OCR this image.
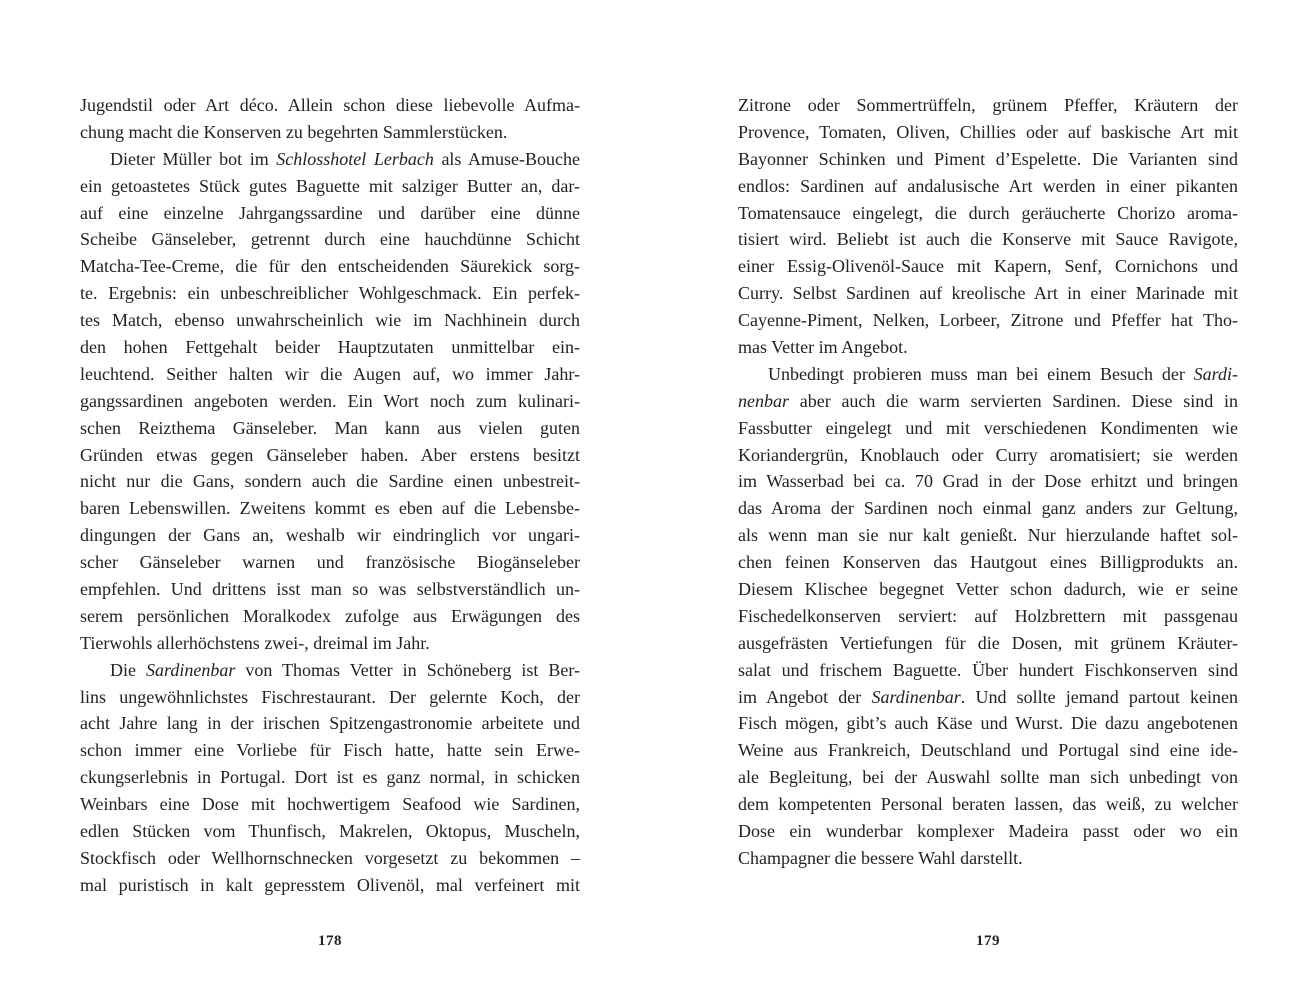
Jugendstil oder Art déco. Allein schon diese liebevolle Aufma-
chung macht die Konserven zu begehrten Sammlerstücken.
Dieter Müller bot im Schlosshotel Lerbach als Amuse-Bouche
ein getoastetes Stück gutes Baguette mit salziger Butter an, dar-
auf eine einzelne Jahrgangssardine und darüber eine dünne
Scheibe Gänseleber, getrennt durch eine hauchdünne Schicht
Matcha-Tee-Creme, die für den entscheidenden Säurekick sorg-
te. Ergebnis: ein unbeschreiblicher Wohlgeschmack. Ein perfek-
tes Match, ebenso unwahrscheinlich wie im Nachhinein durch
den hohen Fettgehalt beider Hauptzutaten unmittelbar ein-
leuchtend. Seither halten wir die Augen auf, wo immer Jahr-
gangssardinen angeboten werden. Ein Wort noch zum kulinari-
schen Reizthema Gänseleber. Man kann aus vielen guten
Gründen etwas gegen Gänseleber haben. Aber erstens besitzt
nicht nur die Gans, sondern auch die Sardine einen unbestreit-
baren Lebenswillen. Zweitens kommt es eben auf die Lebensbe-
dingungen der Gans an, weshalb wir eindringlich vor ungari-
scher Gänseleber warnen und französische Biogänseleber
empfehlen. Und drittens isst man so was selbstverständlich un-
serem persönlichen Moralkodex zufolge aus Erwägungen des
Tierwohls allerhöchstens zwei-, dreimal im Jahr.
Die Sardinenbar von Thomas Vetter in Schöneberg ist Ber-
lins ungewöhnlichstes Fischrestaurant. Der gelernte Koch, der
acht Jahre lang in der irischen Spitzengastronomie arbeitete und
schon immer eine Vorliebe für Fisch hatte, hatte sein Erwe-
ckungserlebnis in Portugal. Dort ist es ganz normal, in schicken
Weinbars eine Dose mit hochwertigem Seafood wie Sardinen,
edlen Stücken vom Thunfisch, Makrelen, Oktopus, Muscheln,
Stockfisch oder Wellhornschnecken vorgesetzt zu bekommen –
mal puristisch in kalt gepresstem Olivenöl, mal verfeinert mit
178
Zitrone oder Sommertrüffeln, grünem Pfeffer, Kräutern der
Provence, Tomaten, Oliven, Chillies oder auf baskische Art mit
Bayonner Schinken und Piment d’Espelette. Die Varianten sind
endlos: Sardinen auf andalusische Art werden in einer pikanten
Tomatensauce eingelegt, die durch geräucherte Chorizo aroma-
tisiert wird. Beliebt ist auch die Konserve mit Sauce Ravigote,
einer Essig-Olivenöl-Sauce mit Kapern, Senf, Cornichons und
Curry. Selbst Sardinen auf kreolische Art in einer Marinade mit
Cayenne-Piment, Nelken, Lorbeer, Zitrone und Pfeffer hat Tho-
mas Vetter im Angebot.
Unbedingt probieren muss man bei einem Besuch der Sardi-
nenbar aber auch die warm servierten Sardinen. Diese sind in
Fassbutter eingelegt und mit verschiedenen Kondimenten wie
Koriandergrün, Knoblauch oder Curry aromatisiert; sie werden
im Wasserbad bei ca. 70 Grad in der Dose erhitzt und bringen
das Aroma der Sardinen noch einmal ganz anders zur Geltung,
als wenn man sie nur kalt genießt. Nur hierzulande haftet sol-
chen feinen Konserven das Hautgout eines Billigprodukts an.
Diesem Klischee begegnet Vetter schon dadurch, wie er seine
Fischedelkonserven serviert: auf Holzbrettern mit passgenau
ausgefrästen Vertiefungen für die Dosen, mit grünem Kräuter-
salat und frischem Baguette. Über hundert Fischkonserven sind
im Angebot der Sardinenbar. Und sollte jemand partout keinen
Fisch mögen, gibt’s auch Käse und Wurst. Die dazu angebotenen
Weine aus Frankreich, Deutschland und Portugal sind eine ide-
ale Begleitung, bei der Auswahl sollte man sich unbedingt von
dem kompetenten Personal beraten lassen, das weiß, zu welcher
Dose ein wunderbar komplexer Madeira passt oder wo ein
Champagner die bessere Wahl darstellt.
179
